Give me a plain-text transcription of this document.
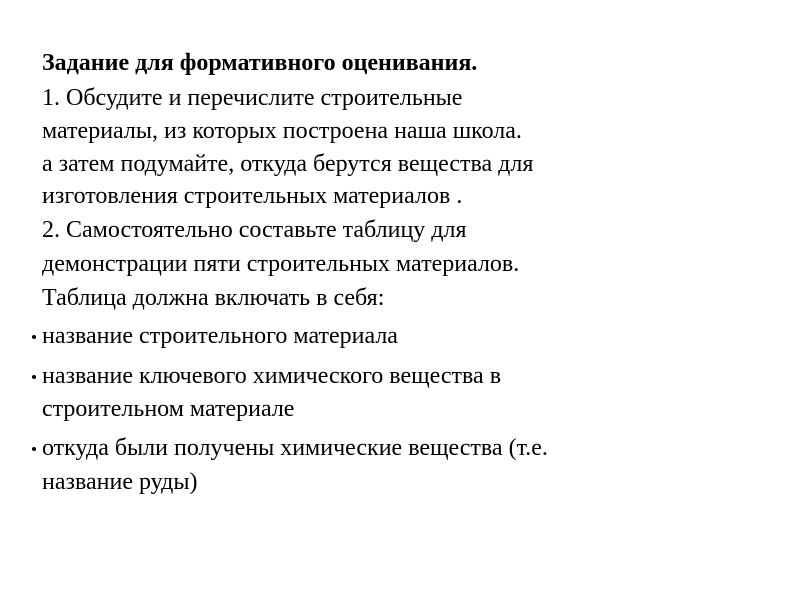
Задание для формативного оценивания.
1. Обсудите и перечислите строительные
материалы, из которых построена наша школа.
а затем подумайте, откуда берутся вещества для
изготовления строительных материалов .
2. Самостоятельно составьте таблицу для
демонстрации пяти строительных материалов.
Таблица должна включать в себя:
название строительного материала
название ключевого химического вещества в
строительном материале
откуда были получены химические вещества (т.е.
название руды)
